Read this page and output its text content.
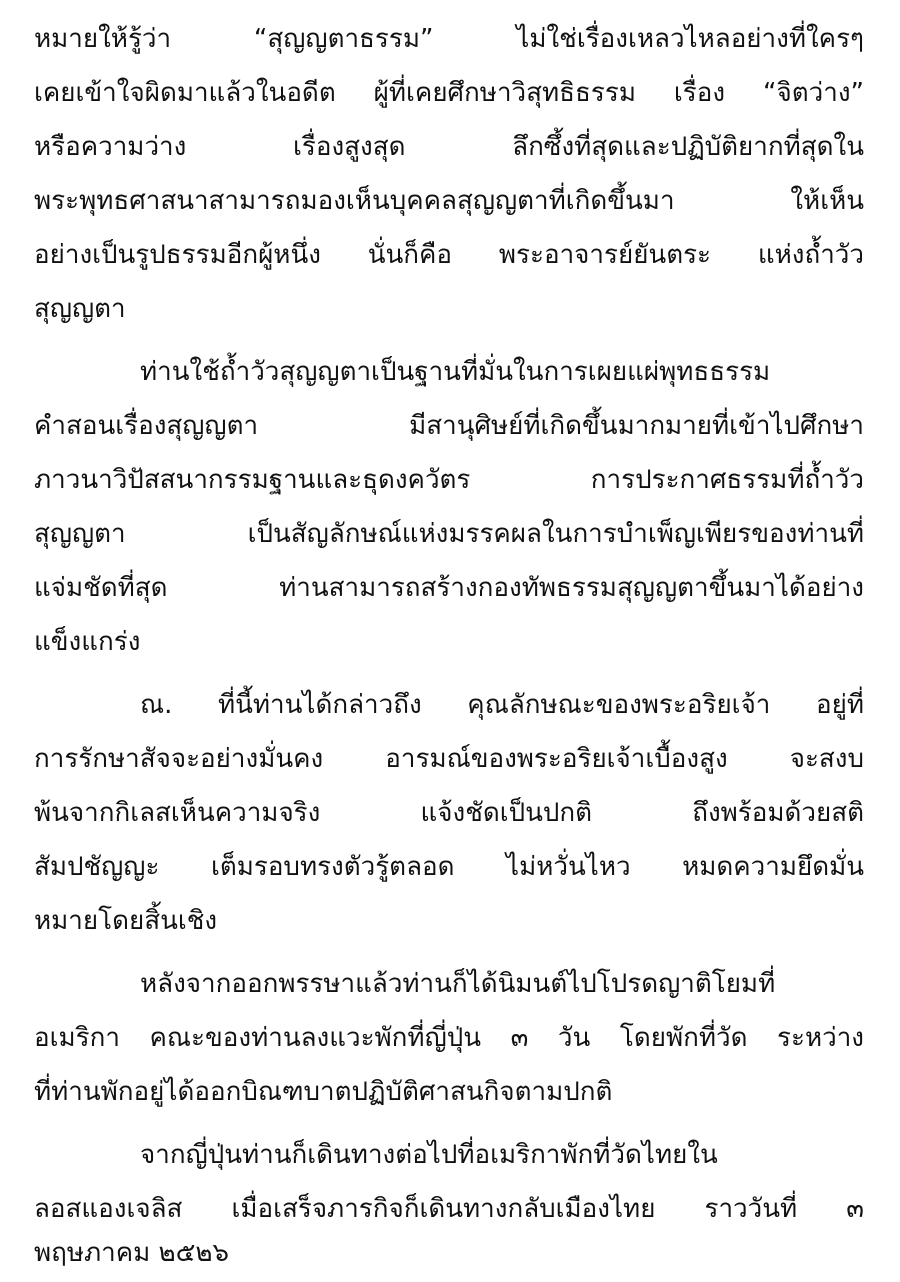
หมายให้รู้ว่า “สุญญตาธรรม” ไม่ใช่เรื่องเหลวไหลอย่างที่ใครๆ
เคยเข้าใจผิดมาแล้วในอดีต ผู้ที่เคยศึกษาวิสุทธิธรรม เรื่อง “จิตว่าง”
หรือความว่าง เรื่องสูงสุด ลึกซึ้งที่สุดและปฏิบัติยากที่สุดใน
พระพุทธศาสนาสามารถมองเห็นบุคคลสุญญตาที่เกิดขึ้นมา ให้เห็น
อย่างเป็นรูปธรรมอีกผู้หนึ่ง นั่นก็คือ พระอาจารย์ยันตระ แห่งถ้ำวัว
สุญญตา
ท่านใช้ถ้ำวัวสุญญตาเป็นฐานที่มั่นในการเผยแผ่พุทธธรรม
คำสอนเรื่องสุญญตา มีสานุศิษย์ที่เกิดขึ้นมากมายที่เข้าไปศึกษา
ภาวนาวิปัสสนากรรมฐานและธุดงควัตร การประกาศธรรมที่ถ้ำวัว
สุญญตา เป็นสัญลักษณ์แห่งมรรคผลในการบำเพ็ญเพียรของท่านที่
แจ่มชัดที่สุด ท่านสามารถสร้างกองทัพธรรมสุญญตาขึ้นมาได้อย่าง
แข็งแกร่ง
ณ. ที่นี้ท่านได้กล่าวถึง คุณลักษณะของพระอริยเจ้า อยู่ที่
การรักษาสัจจะอย่างมั่นคง อารมณ์ของพระอริยเจ้าเบื้องสูง จะสงบ
พ้นจากกิเลสเห็นความจริง แจ้งชัดเป็นปกติ ถึงพร้อมด้วยสติ
สัมปชัญญะ เต็มรอบทรงตัวรู้ตลอด ไม่หวั่นไหว หมดความยึดมั่น
หมายโดยสิ้นเชิง
หลังจากออกพรรษาแล้วท่านก็ได้นิมนต์ไปโปรดญาติโยมที่
อเมริกา คณะของท่านลงแวะพักที่ญี่ปุ่น ๓ วัน โดยพักที่วัด ระหว่าง
ที่ท่านพักอยู่ได้ออกบิณฑบาตปฏิบัติศาสนกิจตามปกติ
จากญี่ปุ่นท่านก็เดินทางต่อไปที่อเมริกาพักที่วัดไทยใน
ลอสแองเจลิส เมื่อเสร็จภารกิจก็เดินทางกลับเมืองไทย ราววันที่ ๓
พฤษภาคม ๒๕๒๖
